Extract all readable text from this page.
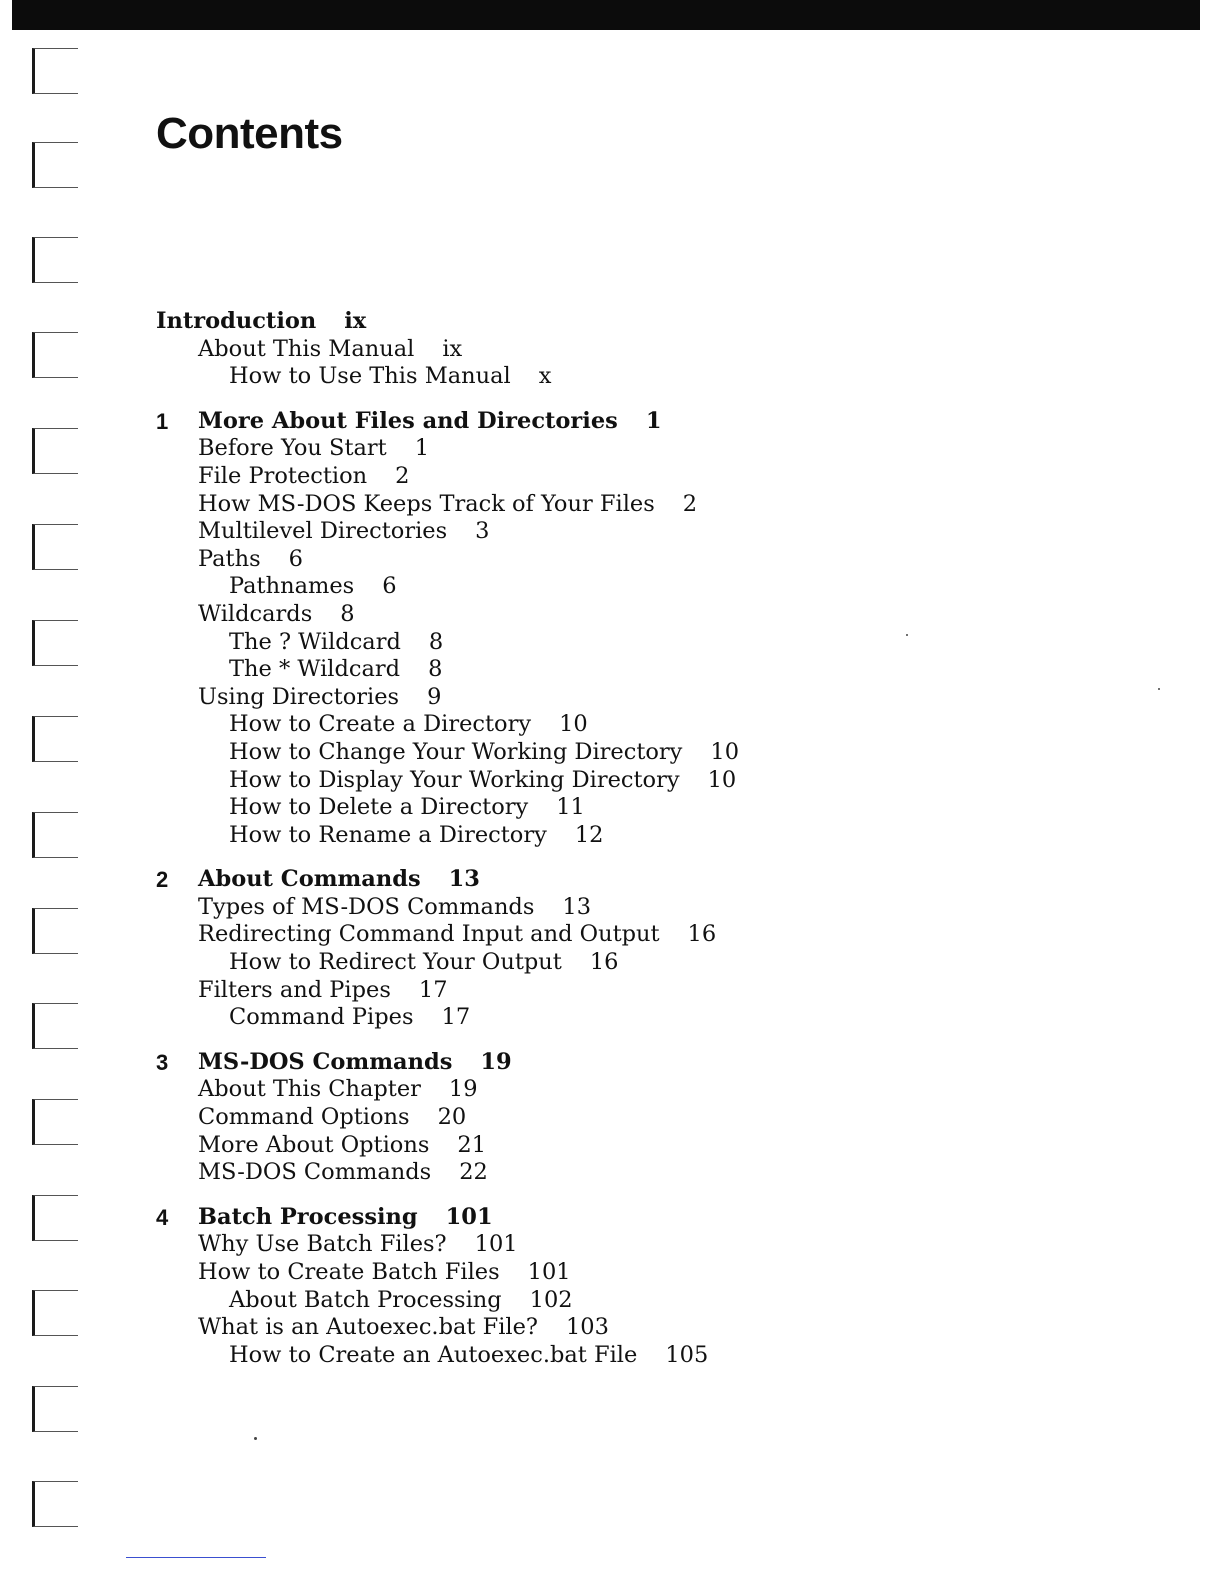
Contents
Introduction ix
About This Manual ix
How to Use This Manual x
1 More About Files and Directories 1
Before You Start 1
File Protection 2
How MS-DOS Keeps Track of Your Files 2
Multilevel Directories 3
Paths 6
Pathnames 6
Wildcards 8
The ? Wildcard 8
The * Wildcard 8
Using Directories 9
How to Create a Directory 10
How to Change Your Working Directory 10
How to Display Your Working Directory 10
How to Delete a Directory 11
How to Rename a Directory 12
2 About Commands 13
Types of MS-DOS Commands 13
Redirecting Command Input and Output 16
How to Redirect Your Output 16
Filters and Pipes 17
Command Pipes 17
3 MS-DOS Commands 19
About This Chapter 19
Command Options 20
More About Options 21
MS-DOS Commands 22
4 Batch Processing 101
Why Use Batch Files? 101
How to Create Batch Files 101
About Batch Processing 102
What is an Autoexec.bat File? 103
How to Create an Autoexec.bat File 105
